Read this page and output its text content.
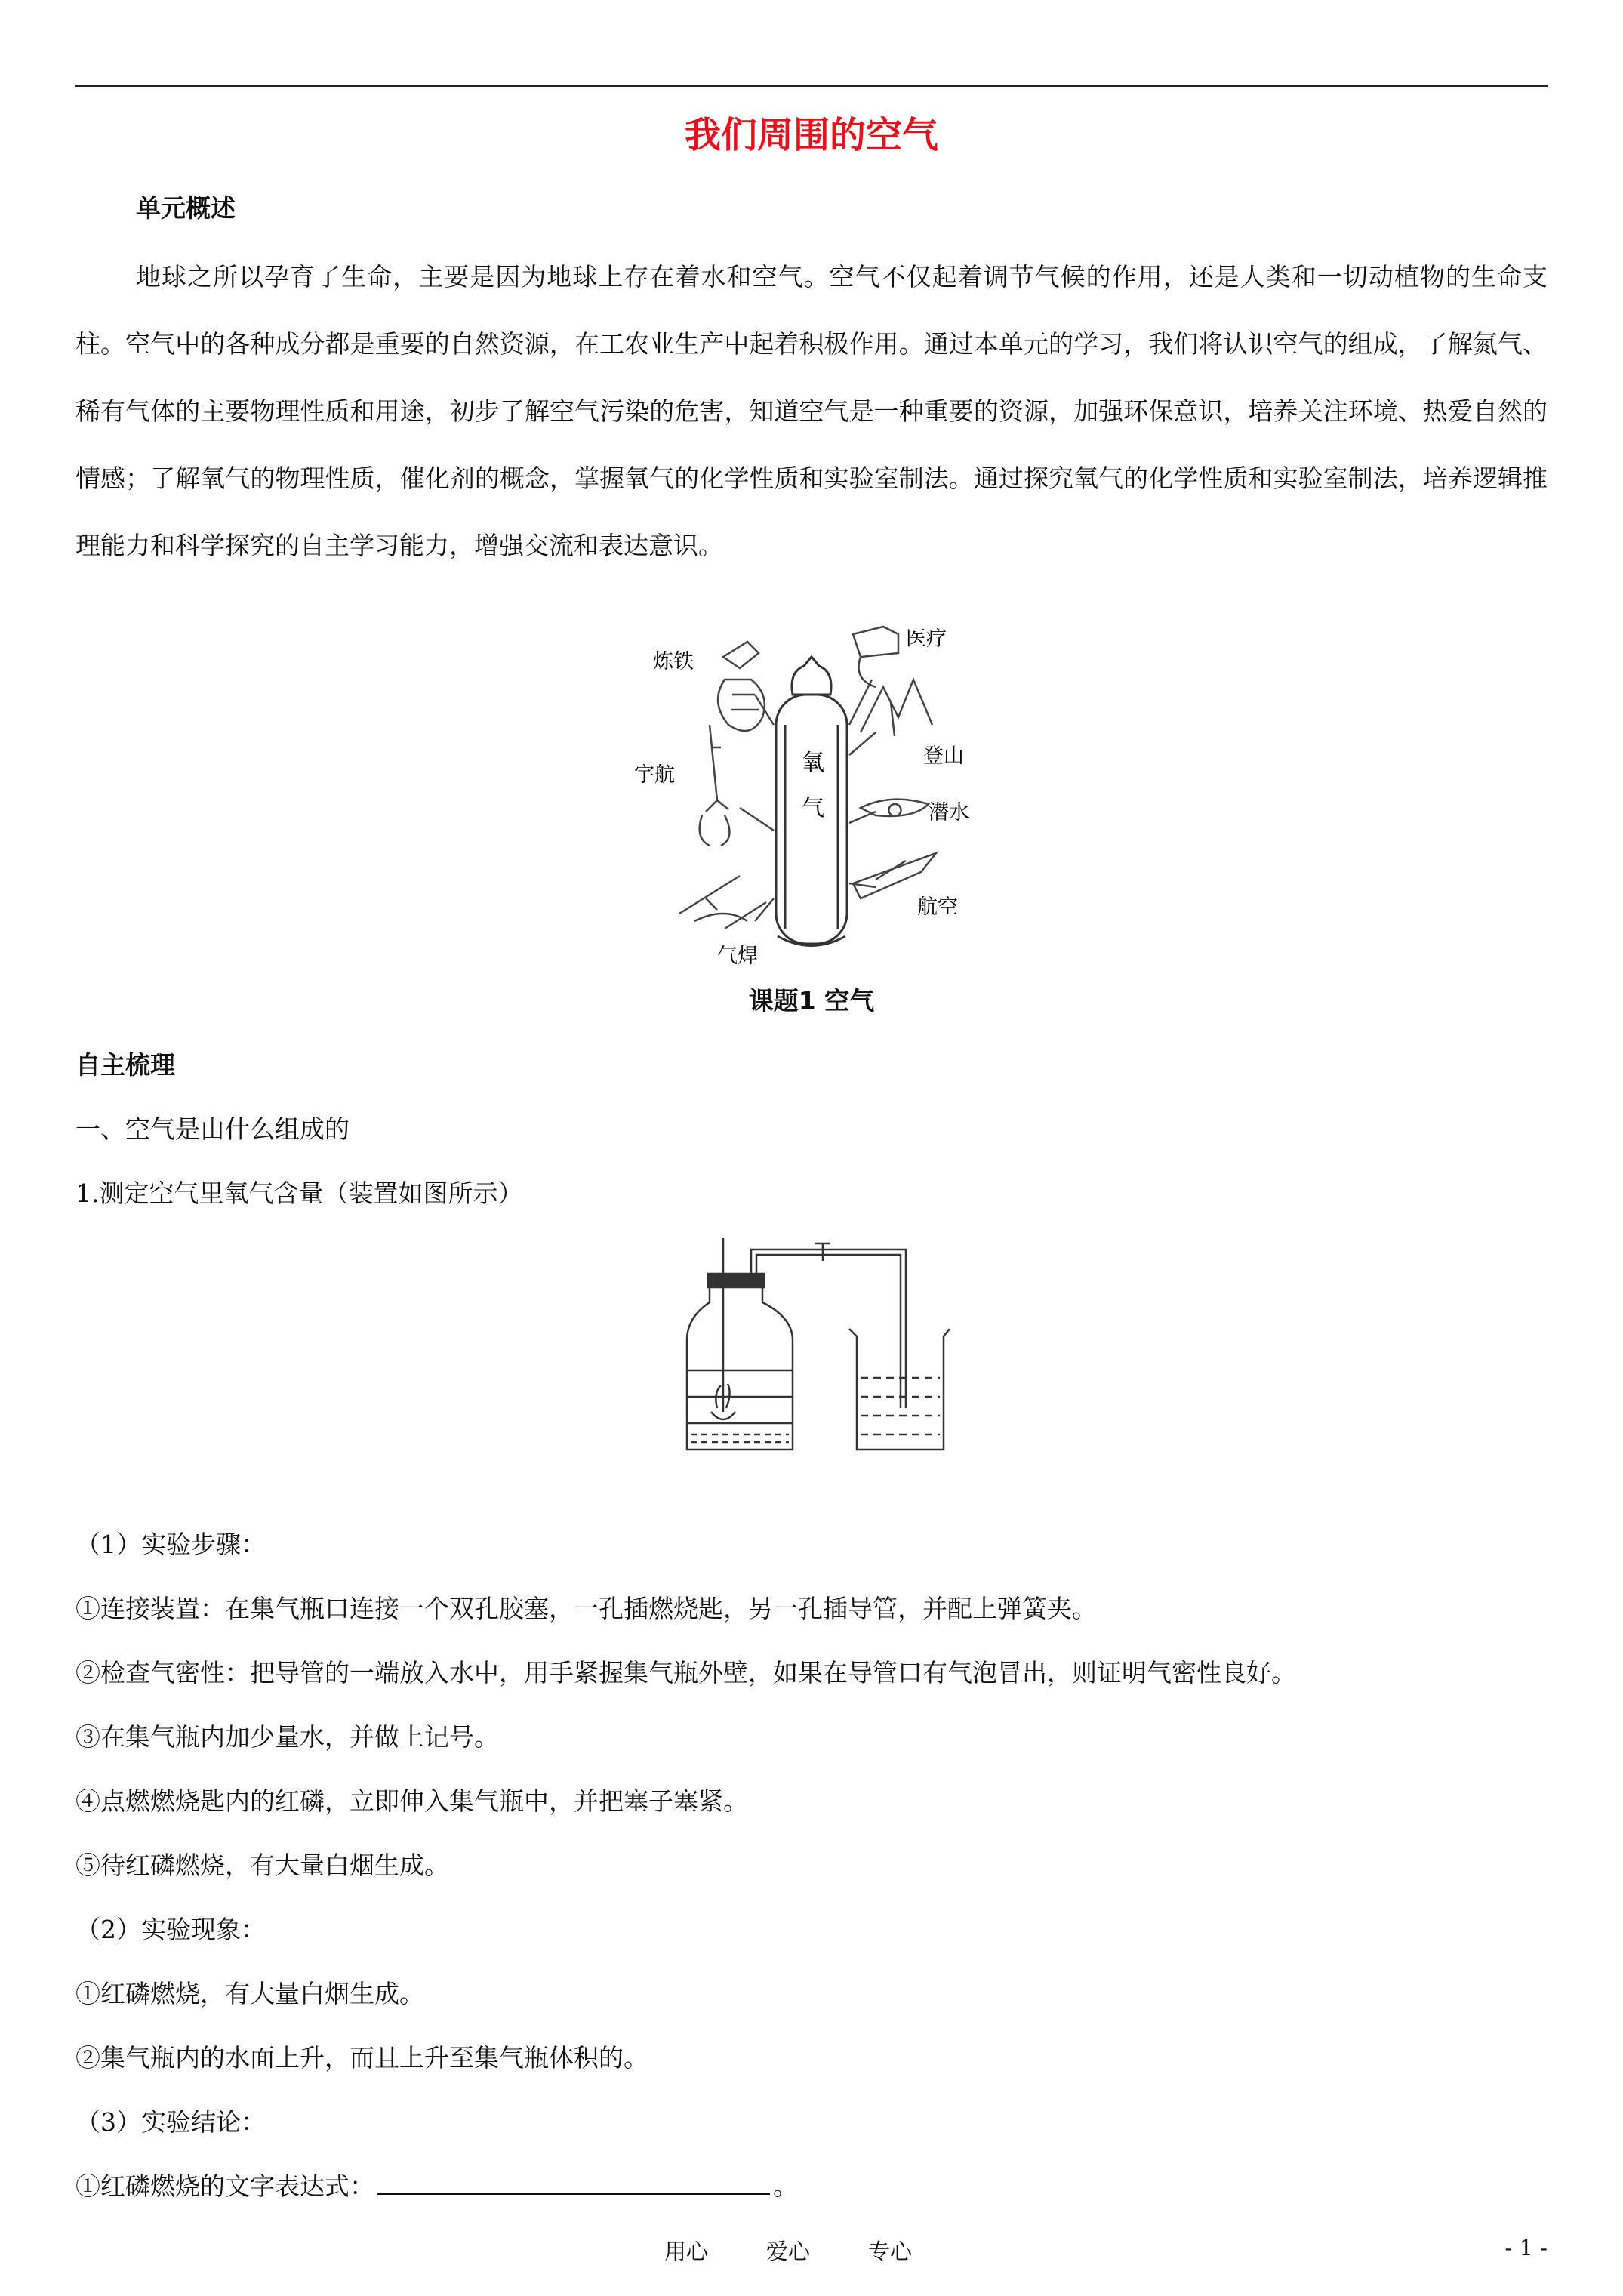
我们周围的空气
单元概述

地球之所以孕育了生命，主要是因为地球上存在着水和空气。空气不仅起着调节气候的作用，还是人类和一切动植物的生命支柱。空气中的各种成分都是重要的自然资源，在工农业生产中起着积极作用。通过本单元的学习，我们将认识空气的组成，了解氮气、稀有气体的主要物理性质和用途，初步了解空气污染的危害，知道空气是一种重要的资源，加强环保意识，培养关注环境、热爱自然的情感；了解氧气的物理性质，催化剂的概念，掌握氧气的化学性质和实验室制法。通过探究氧气的化学性质和实验室制法，培养逻辑推理能力和科学探究的自主学习能力，增强交流和表达意识。

氧
气
炼铁
宇航
气焊
医疗
登山
潜水
航空
课题1 空气
自主梳理
一、空气是由什么组成的
1.测定空气里氧气含量（装置如图所示）
（1）实验步骤：
①连接装置：在集气瓶口连接一个双孔胶塞，一孔插燃烧匙，另一孔插导管，并配上弹簧夹。
②检查气密性：把导管的一端放入水中，用手紧握集气瓶外壁，如果在导管口有气泡冒出，则证明气密性良好。
③在集气瓶内加少量水，并做上记号。
④点燃燃烧匙内的红磷，立即伸入集气瓶中，并把塞子塞紧。
⑤待红磷燃烧，有大量白烟生成。
（2）实验现象：
①红磷燃烧，有大量白烟生成。
②集气瓶内的水面上升，而且上升至集气瓶体积的。
（3）实验结论：
①红磷燃烧的文字表达式：	。
用心	爱心	专心	- 1 -
